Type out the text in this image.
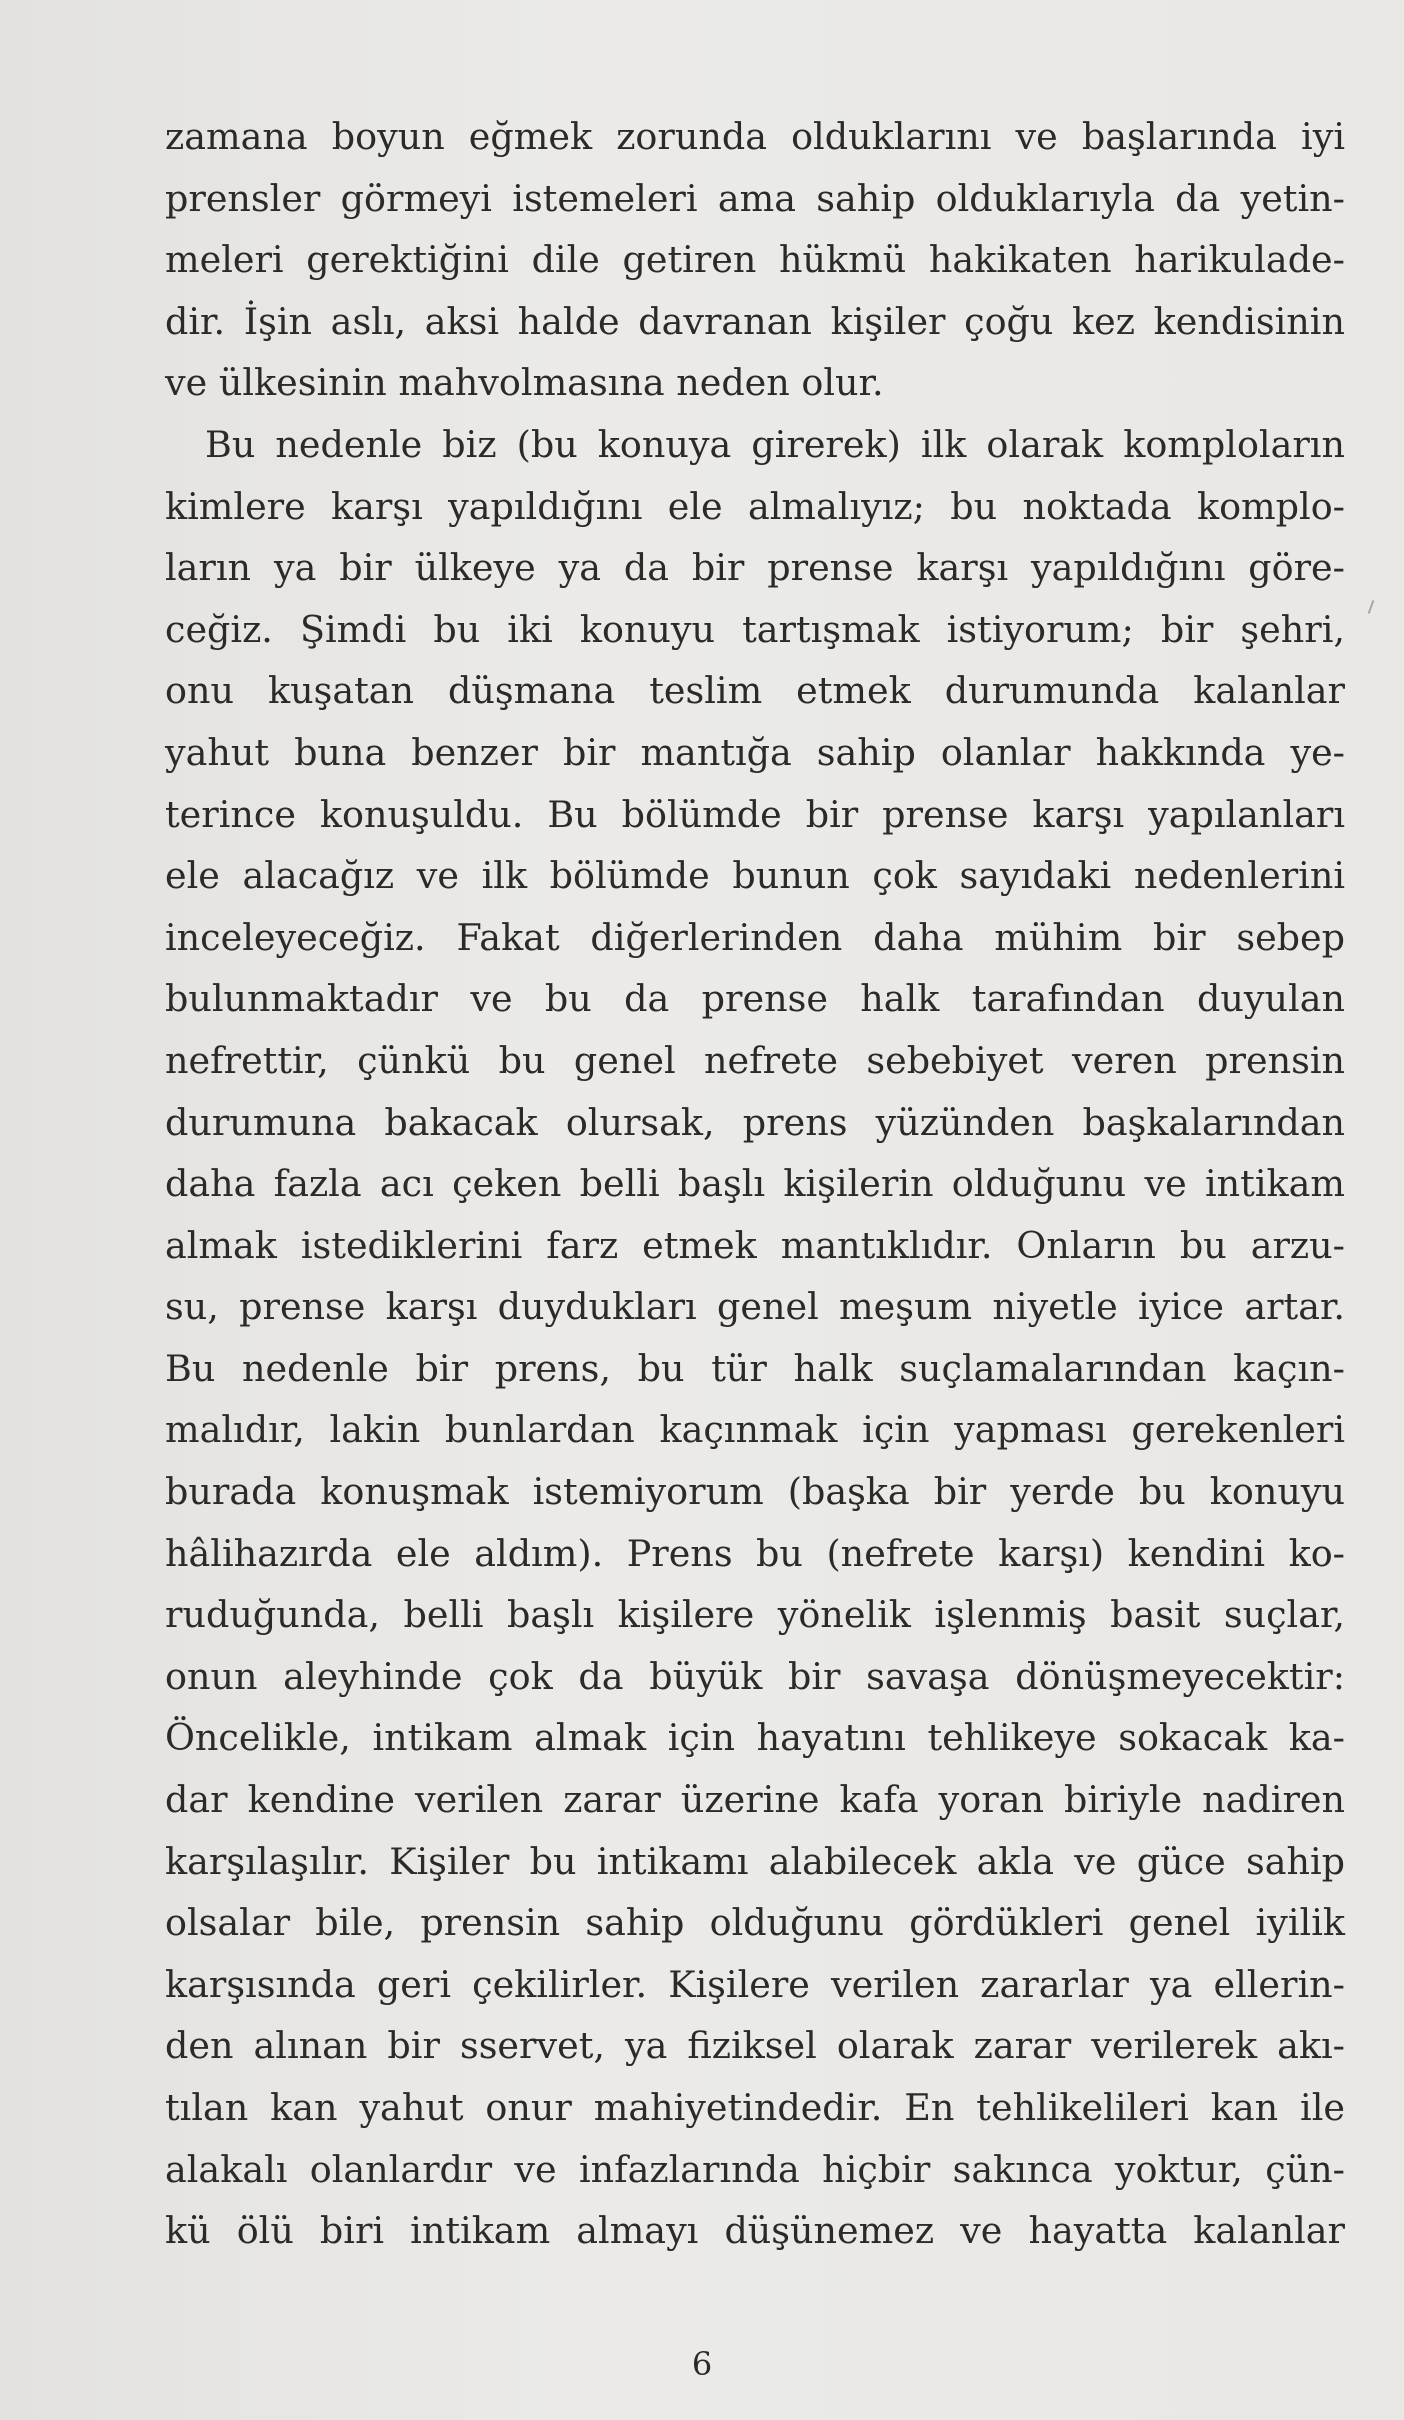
zamana boyun eğmek zorunda olduklarını ve başlarında iyi
prensler görmeyi istemeleri ama sahip olduklarıyla da yetin-
meleri gerektiğini dile getiren hükmü hakikaten harikulade-
dir. İşin aslı, aksi halde davranan kişiler çoğu kez kendisinin
ve ülkesinin mahvolmasına neden olur.
Bu nedenle biz (bu konuya girerek) ilk olarak komploların
kimlere karşı yapıldığını ele almalıyız; bu noktada komplo-
ların ya bir ülkeye ya da bir prense karşı yapıldığını göre-
ceğiz. Şimdi bu iki konuyu tartışmak istiyorum; bir şehri,
onu kuşatan düşmana teslim etmek durumunda kalanlar
yahut buna benzer bir mantığa sahip olanlar hakkında ye-
terince konuşuldu. Bu bölümde bir prense karşı yapılanları
ele alacağız ve ilk bölümde bunun çok sayıdaki nedenlerini
inceleyeceğiz. Fakat diğerlerinden daha mühim bir sebep
bulunmaktadır ve bu da prense halk tarafından duyulan
nefrettir, çünkü bu genel nefrete sebebiyet veren prensin
durumuna bakacak olursak, prens yüzünden başkalarından
daha fazla acı çeken belli başlı kişilerin olduğunu ve intikam
almak istediklerini farz etmek mantıklıdır. Onların bu arzu-
su, prense karşı duydukları genel meşum niyetle iyice artar.
Bu nedenle bir prens, bu tür halk suçlamalarından kaçın-
malıdır, lakin bunlardan kaçınmak için yapması gerekenleri
burada konuşmak istemiyorum (başka bir yerde bu konuyu
hâlihazırda ele aldım). Prens bu (nefrete karşı) kendini ko-
ruduğunda, belli başlı kişilere yönelik işlenmiş basit suçlar,
onun aleyhinde çok da büyük bir savaşa dönüşmeyecektir:
Öncelikle, intikam almak için hayatını tehlikeye sokacak ka-
dar kendine verilen zarar üzerine kafa yoran biriyle nadiren
karşılaşılır. Kişiler bu intikamı alabilecek akla ve güce sahip
olsalar bile, prensin sahip olduğunu gördükleri genel iyilik
karşısında geri çekilirler. Kişilere verilen zararlar ya ellerin-
den alınan bir sservet, ya fiziksel olarak zarar verilerek akı-
tılan kan yahut onur mahiyetindedir. En tehlikelileri kan ile
alakalı olanlardır ve infazlarında hiçbir sakınca yoktur, çün-
kü ölü biri intikam almayı düşünemez ve hayatta kalanlar
6
